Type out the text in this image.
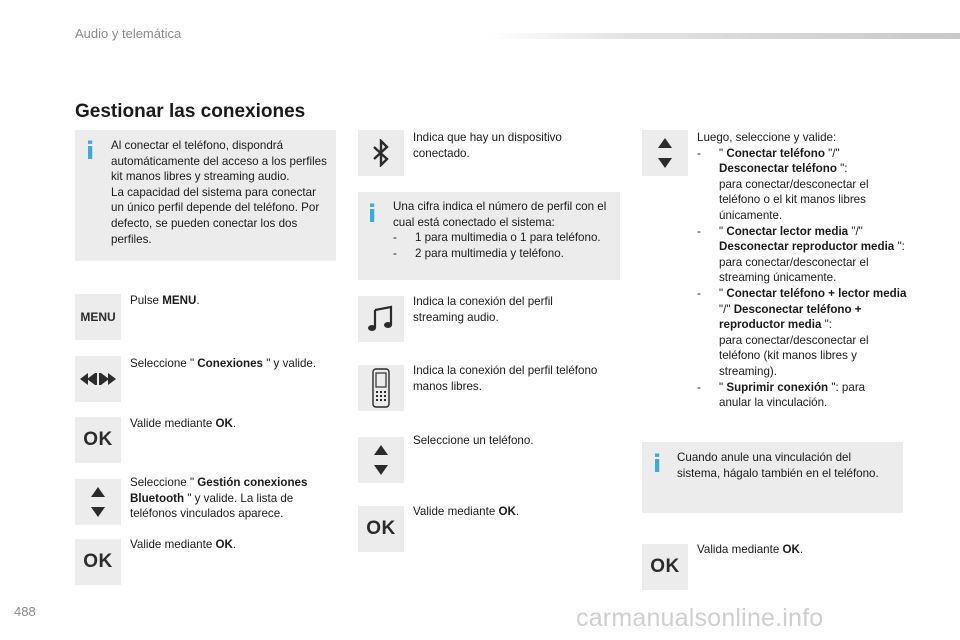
Audio y telemática
Gestionar las conexiones
i Al conectar el teléfono, dispondrá automáticamente del acceso a los perfiles kit manos libres y streaming audio.
La capacidad del sistema para conectar un único perfil depende del teléfono. Por defecto, se pueden conectar los dos perfiles.
MENU
Pulse MENU.
Seleccione " Conexiones " y valide.
OK
Valide mediante OK.
Seleccione " Gestión conexiones Bluetooth " y valide. La lista de teléfonos vinculados aparece.
OK
Valide mediante OK.
Indica que hay un dispositivo conectado.
i Una cifra indica el número de perfil con el cual está conectado el sistema:
- 1 para multimedia o 1 para teléfono.
- 2 para multimedia y teléfono.
Indica la conexión del perfil streaming audio.
Indica la conexión del perfil teléfono manos libres.
Seleccione un teléfono.
OK
Valide mediante OK.
Luego, seleccione y valide:
- " Conectar teléfono "/" Desconectar teléfono ":
para conectar/desconectar el teléfono o el kit manos libres únicamente.
- " Conectar lector media "/" Desconectar reproductor media ":
para conectar/desconectar el streaming únicamente.
- " Conectar teléfono + lector media "/" Desconectar teléfono + reproductor media ":
para conectar/desconectar el teléfono (kit manos libres y streaming).
- " Suprimir conexión ": para
anular la vinculación.
i Cuando anule una vinculación del sistema, hágalo también en el teléfono.
OK
Valida mediante OK.
488	carmanualsonline.info
